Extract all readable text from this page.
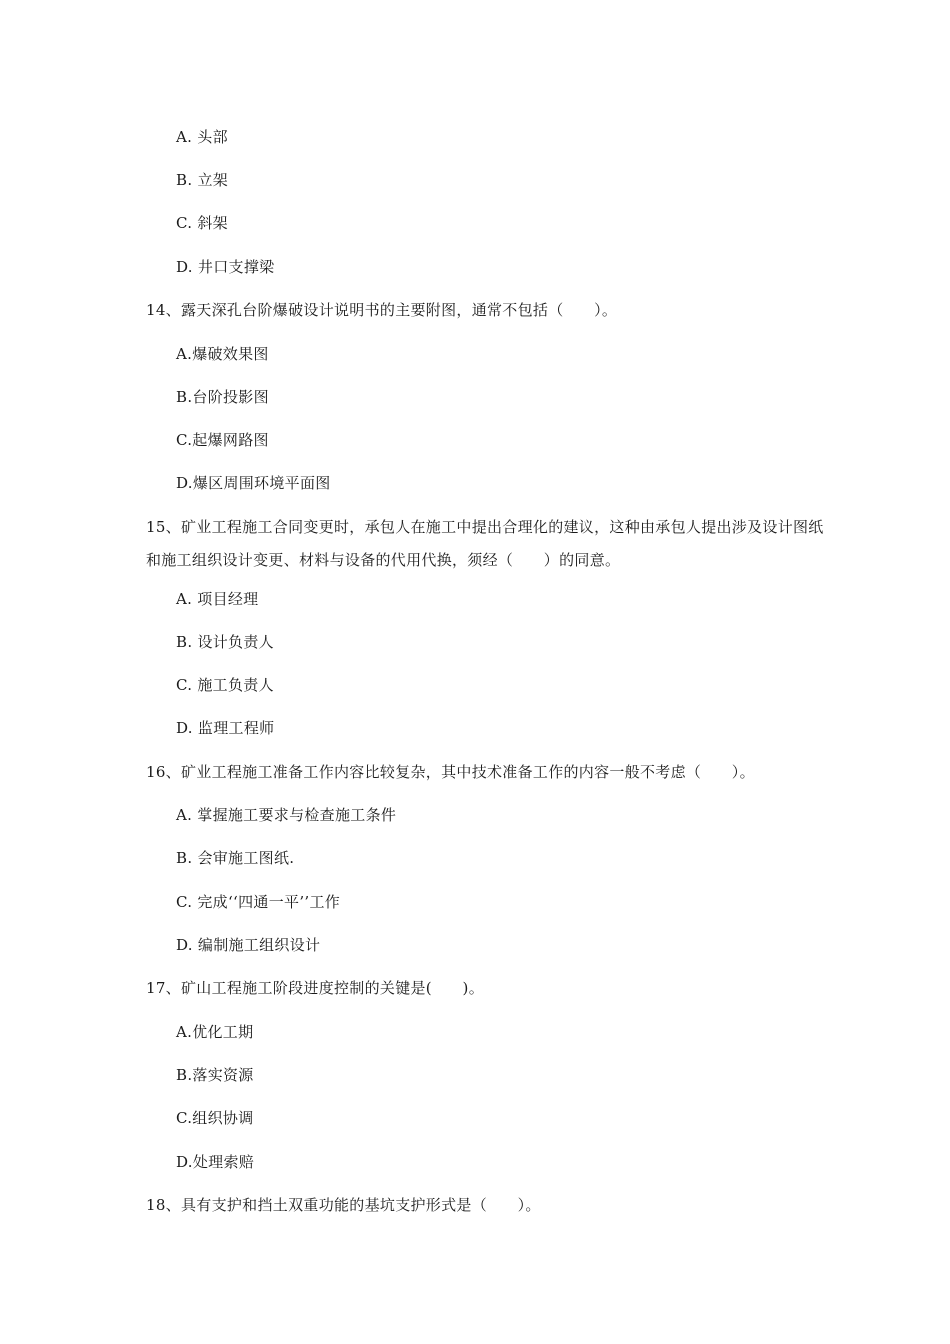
A. 头部
B. 立架
C. 斜架
D. 井口支撑梁
14、露天深孔台阶爆破设计说明书的主要附图，通常不包括（　　）。
A.爆破效果图
B.台阶投影图
C.起爆网路图
D.爆区周围环境平面图
15、矿业工程施工合同变更时，承包人在施工中提出合理化的建议，这种由承包人提出涉及设计图纸和施工组织设计变更、材料与设备的代用代换，须经（　　）的同意。
A. 项目经理
B. 设计负责人
C. 施工负责人
D. 监理工程师
16、矿业工程施工准备工作内容比较复杂，其中技术准备工作的内容一般不考虑（　　）。
A. 掌握施工要求与检查施工条件
B. 会审施工图纸.
C. 完成‘‘四通一平’’工作
D. 编制施工组织设计
17、矿山工程施工阶段进度控制的关键是(　　)。
A.优化工期
B.落实资源
C.组织协调
D.处理索赔
18、具有支护和挡土双重功能的基坑支护形式是（　　）。
